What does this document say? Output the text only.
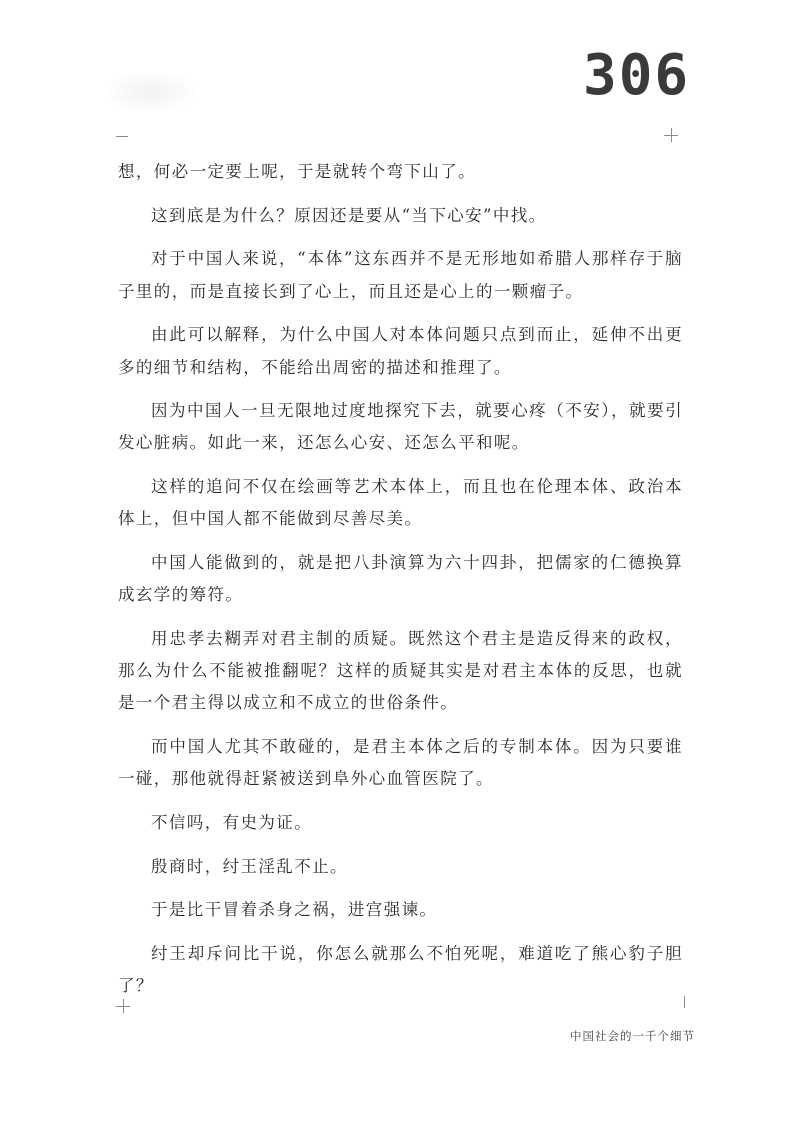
306

想，何必一定要上呢，于是就转个弯下山了。

这到底是为什么？原因还是要从“当下心安”中找。

对于中国人来说，“本体”这东西并不是无形地如希腊人那样存于脑子里的，而是直接长到了心上，而且还是心上的一颗瘤子。

由此可以解释，为什么中国人对本体问题只点到而止，延伸不出更多的细节和结构，不能给出周密的描述和推理了。

因为中国人一旦无限地过度地探究下去，就要心疼（不安），就要引发心脏病。如此一来，还怎么心安、还怎么平和呢。

这样的追问不仅在绘画等艺术本体上，而且也在伦理本体、政治本体上，但中国人都不能做到尽善尽美。

中国人能做到的，就是把八卦演算为六十四卦，把儒家的仁德换算成玄学的筹符。

用忠孝去糊弄对君主制的质疑。既然这个君主是造反得来的政权，那么为什么不能被推翻呢？这样的质疑其实是对君主本体的反思，也就是一个君主得以成立和不成立的世俗条件。

而中国人尤其不敢碰的，是君主本体之后的专制本体。因为只要谁一碰，那他就得赶紧被送到阜外心血管医院了。

不信吗，有史为证。

殷商时，纣王淫乱不止。

于是比干冒着杀身之祸，进宫强谏。

纣王却斥问比干说，你怎么就那么不怕死呢，难道吃了熊心豹子胆了？

中国社会的一千个细节
